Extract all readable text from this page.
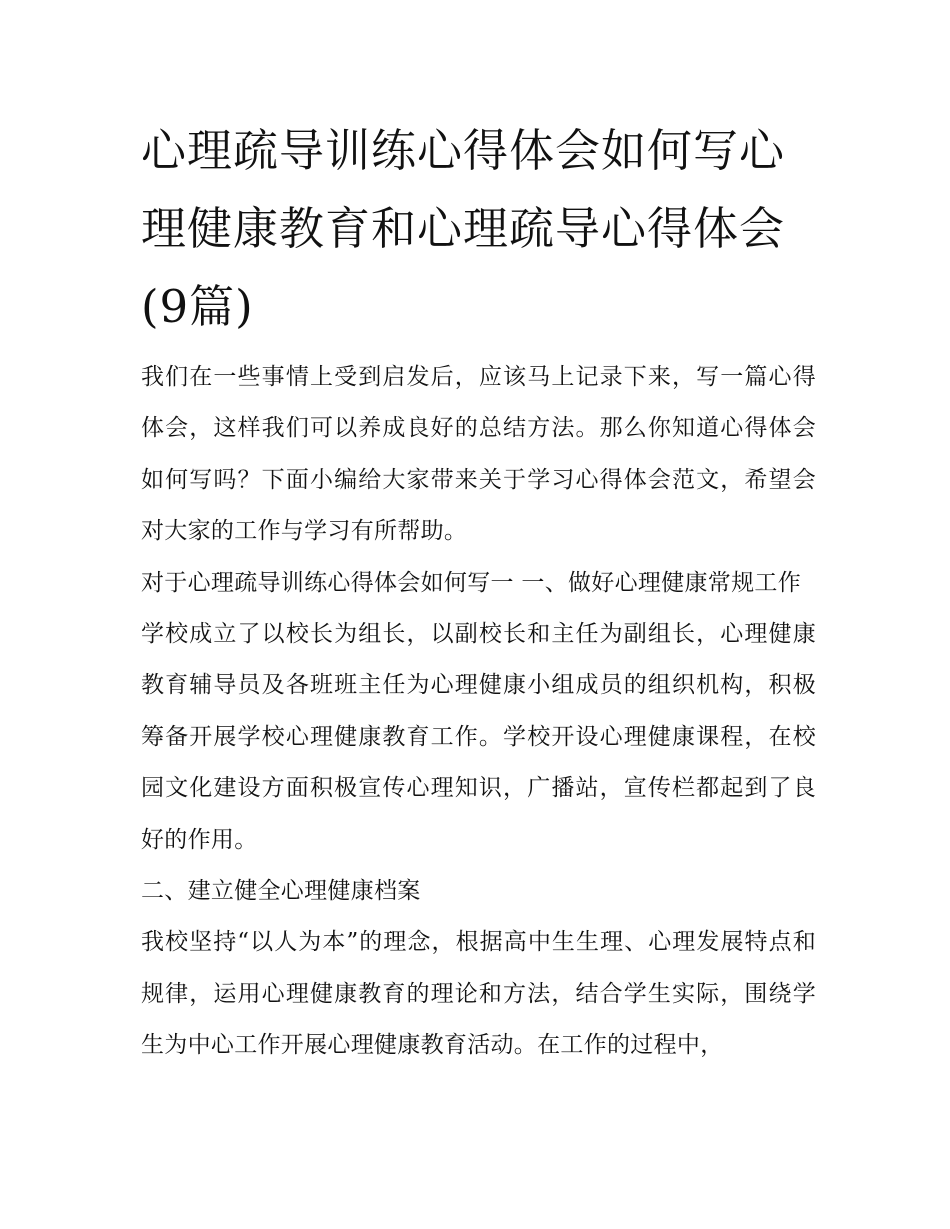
心理疏导训练心得体会如何写心理健康教育和心理疏导心得体会(9篇)

我们在一些事情上受到启发后，应该马上记录下来，写一篇心得体会，这样我们可以养成良好的总结方法。那么你知道心得体会如何写吗？下面小编给大家带来关于学习心得体会范文，希望会对大家的工作与学习有所帮助。

对于心理疏导训练心得体会如何写一 一、做好心理健康常规工作

学校成立了以校长为组长，以副校长和主任为副组长，心理健康教育辅导员及各班班主任为心理健康小组成员的组织机构，积极筹备开展学校心理健康教育工作。学校开设心理健康课程，在校园文化建设方面积极宣传心理知识，广播站，宣传栏都起到了良好的作用。

二、建立健全心理健康档案

我校坚持“以人为本”的理念，根据高中生生理、心理发展特点和规律，运用心理健康教育的理论和方法，结合学生实际，围绕学生为中心工作开展心理健康教育活动。在工作的过程中，
